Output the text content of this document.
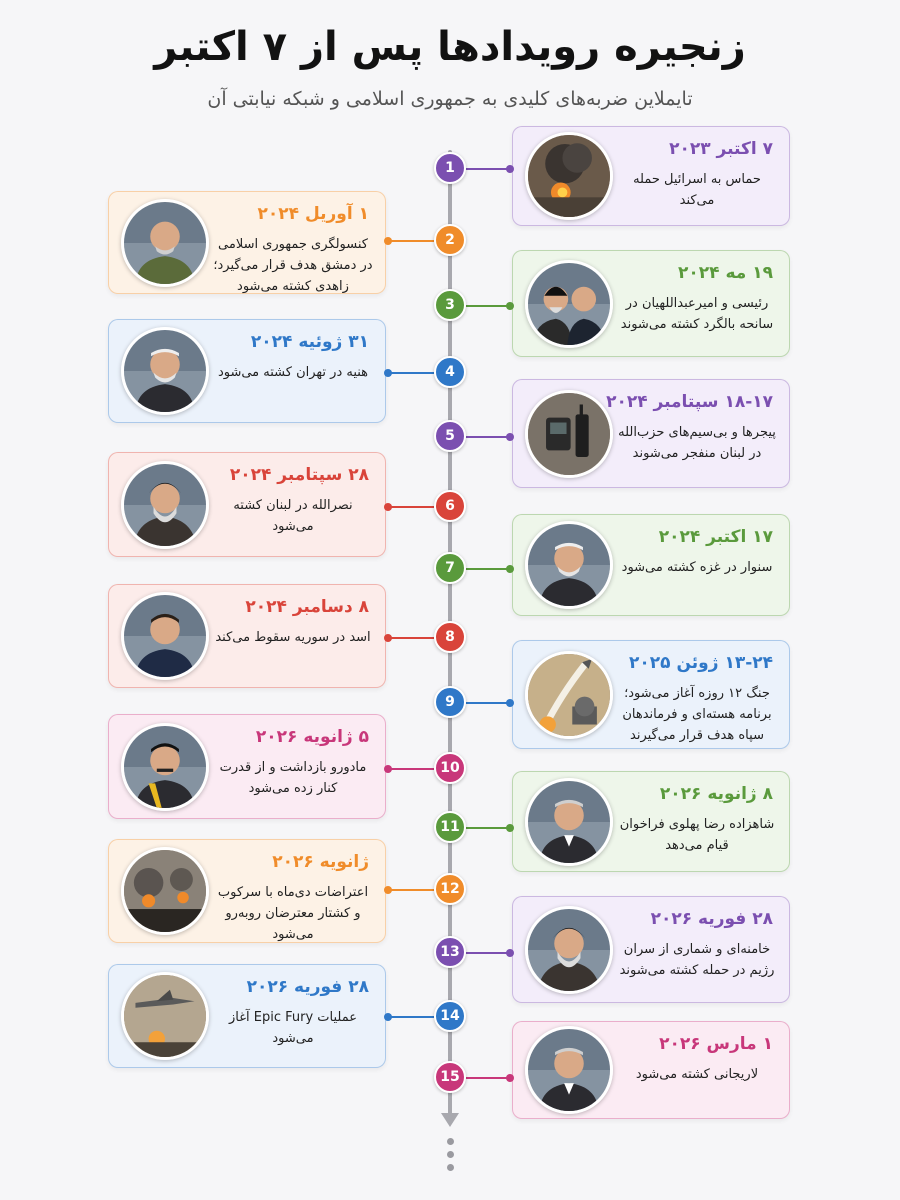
زنجیره رویدادها پس از ۷ اکتبر
تایملاین ضربه‌های کلیدی به جمهوری اسلامی و شبکه نیابتی آن
۷ اکتبر ۲۰۲۳
حماس به اسرائیل حمله می‌کند
1
۱ آوریل ۲۰۲۴
کنسولگری جمهوری اسلامی در دمشق هدف قرار می‌گیرد؛ زاهدی کشته می‌شود
2
۱۹ مه ۲۰۲۴
رئیسی و امیرعبداللهیان در سانحه بالگرد کشته می‌شوند
3
۳۱ ژوئیه ۲۰۲۴
هنیه در تهران کشته می‌شود	4
۱۸-۱۷ سپتامبر ۲۰۲۴
پیجرها و بی‌سیم‌های حزب‌الله در لبنان منفجر می‌شوند
5
۲۸ سپتامبر ۲۰۲۴
نصرالله در لبنان کشته می‌شود
6
۱۷ اکتبر ۲۰۲۴
سنوار در غزه کشته می‌شود
7
۸ دسامبر ۲۰۲۴
اسد در سوریه سقوط می‌کند	8
۱۳-۲۴ ژوئن ۲۰۲۵
جنگ ۱۲ روزه آغاز می‌شود؛ برنامه هسته‌ای و فرماندهان سپاه هدف قرار می‌گیرند
9
۵ ژانویه ۲۰۲۶
مادورو بازداشت و از قدرت کنار زده می‌شود
10
۸ ژانویه ۲۰۲۶
شاهزاده رضا پهلوی فراخوان قیام می‌دهد
11
ژانویه ۲۰۲۶
اعتراضات دی‌ماه با سرکوب و کشتار معترضان روبه‌رو می‌شود
12
۲۸ فوریه ۲۰۲۶
خامنه‌ای و شماری از سران رژیم در حمله کشته می‌شوند
13
۲۸ فوریه ۲۰۲۶
عملیات Epic Fury آغاز می‌شود
14
۱ مارس ۲۰۲۶
لاریجانی کشته می‌شود
15
